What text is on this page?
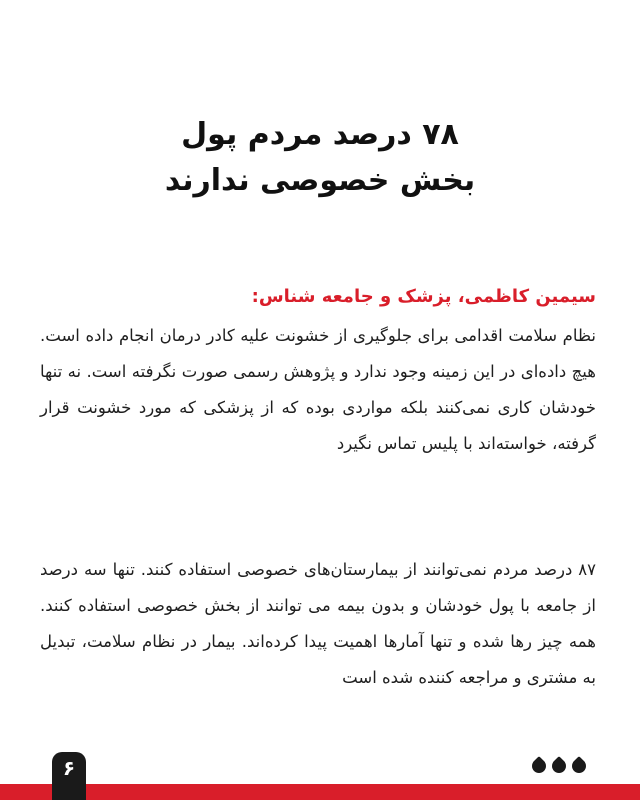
۷۸ درصد مردم پول
بخش خصوصی ندارند
سیمین کاظمی، پزشک و جامعه شناس:
نظام سلامت اقدامی برای جلوگیری از خشونت علیه کادر درمان انجام داده است. هیچ داده‌ای در این زمینه وجود ندارد و پژوهش رسمی صورت نگرفته است. نه تنها خودشان کاری نمی‌کنند بلکه مواردی بوده که از پزشکی که مورد خشونت قرار گرفته، خواسته‌اند با پلیس تماس نگیرد
۸۷ درصد مردم نمی‌توانند از بیمارستان‌های خصوصی استفاده کنند. تنها سه درصد از جامعه با پول خودشان و بدون بیمه می توانند از بخش خصوصی استفاده کنند. همه چیز رها شده و تنها آمارها اهمیت پیدا کرده‌اند. بیمار در نظام سلامت، تبدیل به مشتری و مراجعه کننده شده است
۶
